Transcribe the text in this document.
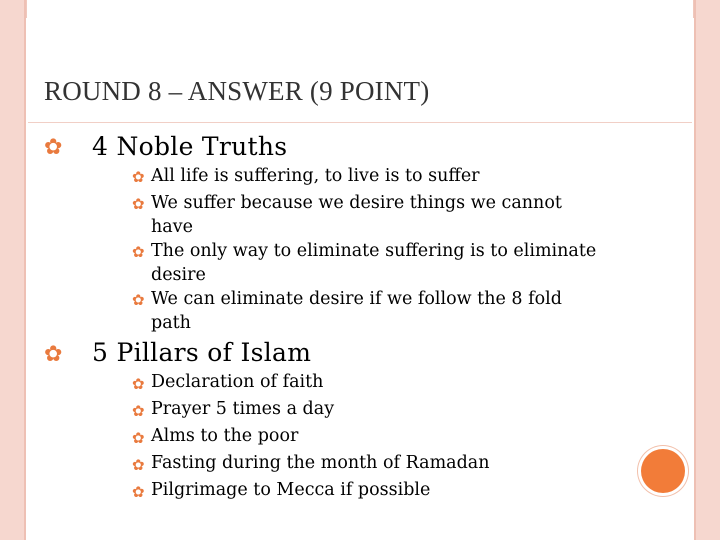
ROUND 8 – ANSWER (9 POINT)
✿ 4 Noble Truths
✿ All life is suffering, to live is to suffer
✿ We suffer because we desire things we cannot have
✿ The only way to eliminate suffering is to eliminate desire
✿ We can eliminate desire if we follow the 8 fold path
✿ 5 Pillars of Islam
✿ Declaration of faith
✿ Prayer 5 times a day
✿ Alms to the poor
✿ Fasting during the month of Ramadan
✿ Pilgrimage to Mecca if possible
